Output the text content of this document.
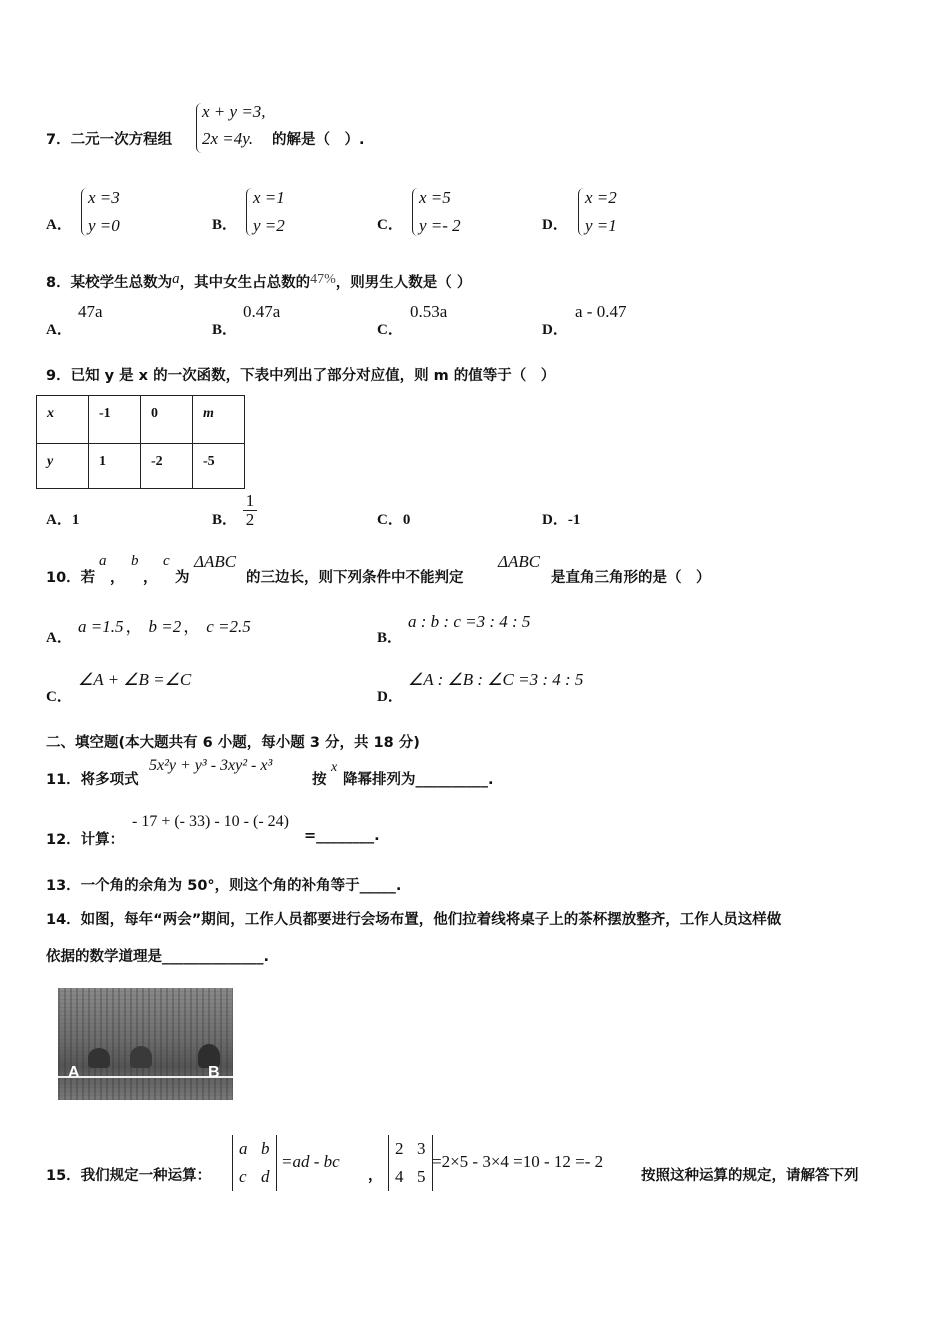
7．二元一次方程组
x + y =3,
2x =4y.	的解是（　）.
A．
x =3
y =0	B．
x =1
y =2	C．
x =5
y =- 2	D．
x =2
y =1
8．某校学生总数为a，其中女生占总数的47%，则男生人数是（ ）
A．
47a
B．
0.47a
C．
0.53a
D．
a - 0.47
9．已知 y 是 x 的一次函数，下表中列出了部分对应值，则 m 的值等于（　）
x	-1	0	m
y	1	-2	-5
A．1	B． $\frac{1}{2}$	C．0	D．-1
10．若
a
，
b
，
c
为
ΔABC
的三边长，则下列条件中不能判定
ΔABC
是直角三角形的是（　）
A．
a =1.5 ， b =2 ， c =2.5
B．
a : b : c =3 : 4 : 5
C．
∠A + ∠B =∠C
D．
∠A : ∠B : ∠C =3 : 4 : 5
二、填空题(本大题共有 6 小题，每小题 3 分，共 18 分)
11．将多项式
5x²y + y³ - 3xy² - x³
按
x
降幂排列为__________.
12．计算：
- 17 + (- 33) - 10 - (- 24)
=________.
13．一个角的余角为 50°，则这个角的补角等于_____.
14．如图，每年“两会”期间，工作人员都要进行会场布置，他们拉着线将桌子上的茶杯摆放整齐，工作人员这样做
依据的数学道理是______________.
A	B
15．我们规定一种运算：
a b
c d
=ad - bc
，
2 3
4 5
=2×5 - 3×4 =10 - 12 =- 2
按照这种运算的规定，请解答下列
